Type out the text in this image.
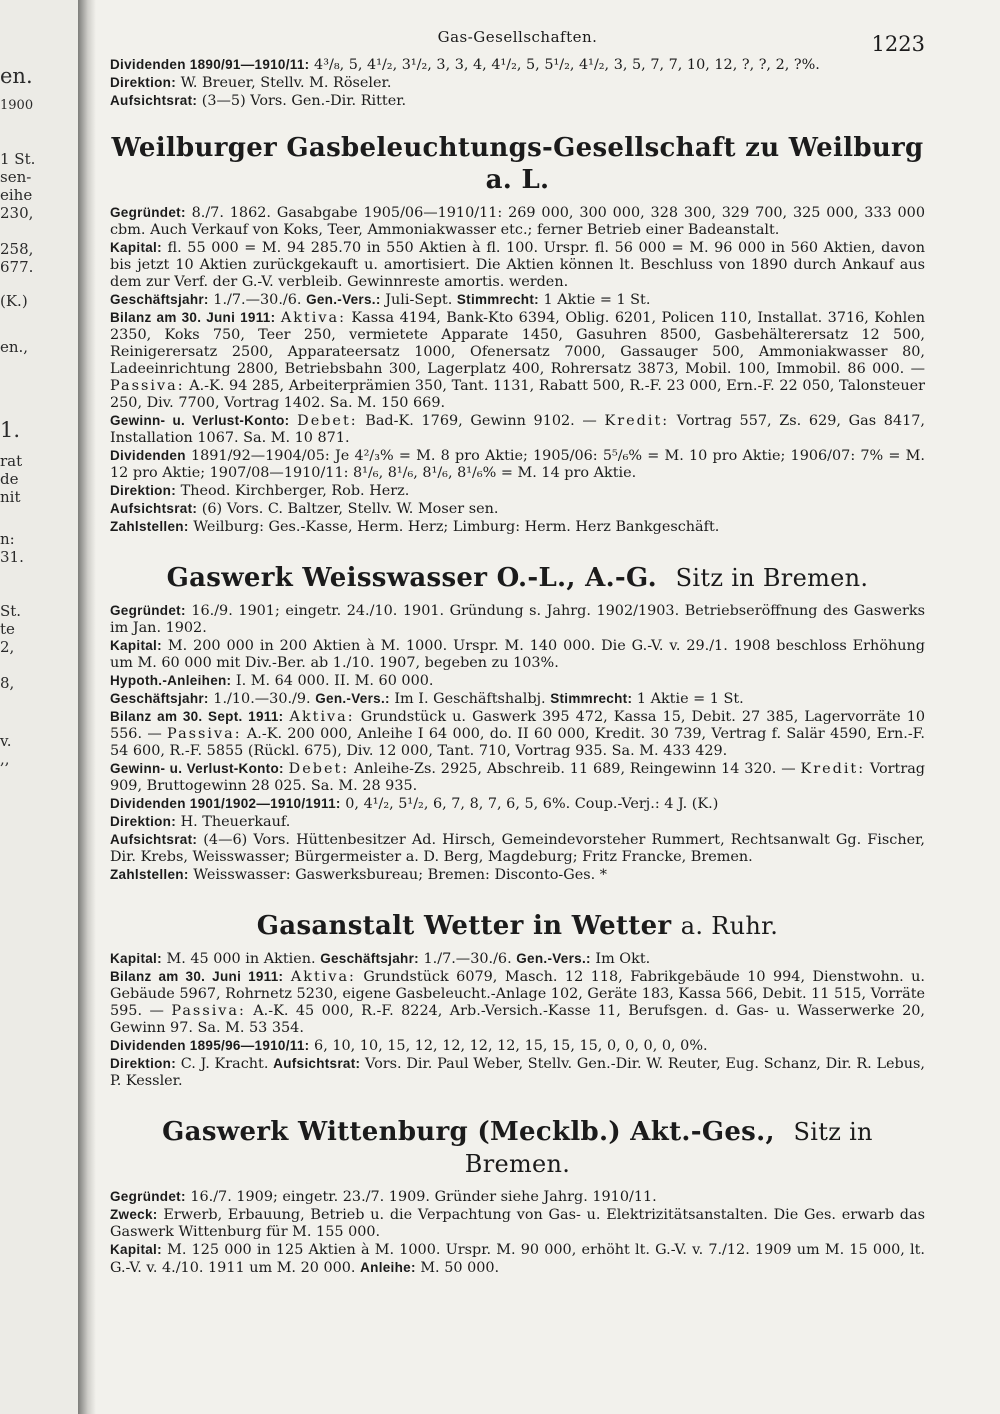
en.
1900
1 St.
sen-
eihe
230,
258,
677.
(K.)
en.,
1.
rat
de
nit
n:
31.
St.
te
2,
8,
v.
,,
Gas-Gesellschaften.	1223

Dividenden 1890/91—1910/11: 4³/₈, 5, 4¹/₂, 3¹/₂, 3, 3, 4, 4¹/₂, 5, 5¹/₂, 4¹/₂, 3, 5, 7, 7, 10, 12, ?, ?, 2, ?%.

Direktion: W. Breuer, Stellv. M. Röseler.

Aufsichtsrat: (3—5) Vors. Gen.-Dir. Ritter.

Weilburger Gasbeleuchtungs-Gesellschaft zu Weilburg a. L.

Gegründet: 8./7. 1862. Gasabgabe 1905/06—1910/11: 269 000, 300 000, 328 300, 329 700, 325 000, 333 000 cbm. Auch Verkauf von Koks, Teer, Ammoniakwasser etc.; ferner Betrieb einer Badeanstalt.

Kapital: fl. 55 000 = M. 94 285.70 in 550 Aktien à fl. 100. Urspr. fl. 56 000 = M. 96 000 in 560 Aktien, davon bis jetzt 10 Aktien zurückgekauft u. amortisiert. Die Aktien können lt. Beschluss von 1890 durch Ankauf aus dem zur Verf. der G.-V. verbleib. Gewinnreste amortis. werden.

Geschäftsjahr: 1./7.—30./6. Gen.-Vers.: Juli-Sept. Stimmrecht: 1 Aktie = 1 St.

Bilanz am 30. Juni 1911: Aktiva: Kassa 4194, Bank-Kto 6394, Oblig. 6201, Policen 110, Installat. 3716, Kohlen 2350, Koks 750, Teer 250, vermietete Apparate 1450, Gasuhren 8500, Gasbehälterersatz 12 500, Reinigerersatz 2500, Apparateersatz 1000, Ofenersatz 7000, Gassauger 500, Ammoniakwasser 80, Ladeeinrichtung 2800, Betriebsbahn 300, Lagerplatz 400, Rohrersatz 3873, Mobil. 100, Immobil. 86 000. — Passiva: A.-K. 94 285, Arbeiterprämien 350, Tant. 1131, Rabatt 500, R.-F. 23 000, Ern.-F. 22 050, Talonsteuer 250, Div. 7700, Vortrag 1402. Sa. M. 150 669.

Gewinn- u. Verlust-Konto: Debet: Bad-K. 1769, Gewinn 9102. — Kredit: Vortrag 557, Zs. 629, Gas 8417, Installation 1067. Sa. M. 10 871.

Dividenden 1891/92—1904/05: Je 4²/₃% = M. 8 pro Aktie; 1905/06: 5⁵/₆% = M. 10 pro Aktie; 1906/07: 7% = M. 12 pro Aktie; 1907/08—1910/11: 8¹/₆, 8¹/₆, 8¹/₆, 8¹/₆% = M. 14 pro Aktie.

Direktion: Theod. Kirchberger, Rob. Herz.

Aufsichtsrat: (6) Vors. C. Baltzer, Stellv. W. Moser sen.

Zahlstellen: Weilburg: Ges.-Kasse, Herm. Herz; Limburg: Herm. Herz Bankgeschäft.

Gaswerk Weisswasser O.-L., A.-G. Sitz in Bremen.

Gegründet: 16./9. 1901; eingetr. 24./10. 1901. Gründung s. Jahrg. 1902/1903. Betriebseröffnung des Gaswerks im Jan. 1902.

Kapital: M. 200 000 in 200 Aktien à M. 1000. Urspr. M. 140 000. Die G.-V. v. 29./1. 1908 beschloss Erhöhung um M. 60 000 mit Div.-Ber. ab 1./10. 1907, begeben zu 103%.

Hypoth.-Anleihen: I. M. 64 000. II. M. 60 000.

Geschäftsjahr: 1./10.—30./9. Gen.-Vers.: Im I. Geschäftshalbj. Stimmrecht: 1 Aktie = 1 St.

Bilanz am 30. Sept. 1911: Aktiva: Grundstück u. Gaswerk 395 472, Kassa 15, Debit. 27 385, Lagervorräte 10 556. — Passiva: A.-K. 200 000, Anleihe I 64 000, do. II 60 000, Kredit. 30 739, Vertrag f. Salär 4590, Ern.-F. 54 600, R.-F. 5855 (Rückl. 675), Div. 12 000, Tant. 710, Vortrag 935. Sa. M. 433 429.

Gewinn- u. Verlust-Konto: Debet: Anleihe-Zs. 2925, Abschreib. 11 689, Reingewinn 14 320. — Kredit: Vortrag 909, Bruttogewinn 28 025. Sa. M. 28 935.

Dividenden 1901/1902—1910/1911: 0, 4¹/₂, 5¹/₂, 6, 7, 8, 7, 6, 5, 6%. Coup.-Verj.: 4 J. (K.)

Direktion: H. Theuerkauf.

Aufsichtsrat: (4—6) Vors. Hüttenbesitzer Ad. Hirsch, Gemeindevorsteher Rummert, Rechtsanwalt Gg. Fischer, Dir. Krebs, Weisswasser; Bürgermeister a. D. Berg, Magdeburg; Fritz Francke, Bremen.

Zahlstellen: Weisswasser: Gaswerksbureau; Bremen: Disconto-Ges. *

Gasanstalt Wetter in Wetter a. Ruhr.

Kapital: M. 45 000 in Aktien. Geschäftsjahr: 1./7.—30./6. Gen.-Vers.: Im Okt.

Bilanz am 30. Juni 1911: Aktiva: Grundstück 6079, Masch. 12 118, Fabrikgebäude 10 994, Dienstwohn. u. Gebäude 5967, Rohrnetz 5230, eigene Gasbeleucht.-Anlage 102, Geräte 183, Kassa 566, Debit. 11 515, Vorräte 595. — Passiva: A.-K. 45 000, R.-F. 8224, Arb.-Versich.-Kasse 11, Berufsgen. d. Gas- u. Wasserwerke 20, Gewinn 97. Sa. M. 53 354.

Dividenden 1895/96—1910/11: 6, 10, 10, 15, 12, 12, 12, 12, 15, 15, 15, 0, 0, 0, 0, 0%.

Direktion: C. J. Kracht. Aufsichtsrat: Vors. Dir. Paul Weber, Stellv. Gen.-Dir. W. Reuter, Eug. Schanz, Dir. R. Lebus, P. Kessler.

Gaswerk Wittenburg (Mecklb.) Akt.-Ges., Sitz in Bremen.

Gegründet: 16./7. 1909; eingetr. 23./7. 1909. Gründer siehe Jahrg. 1910/11.

Zweck: Erwerb, Erbauung, Betrieb u. die Verpachtung von Gas- u. Elektrizitätsanstalten. Die Ges. erwarb das Gaswerk Wittenburg für M. 155 000.

Kapital: M. 125 000 in 125 Aktien à M. 1000. Urspr. M. 90 000, erhöht lt. G.-V. v. 7./12. 1909 um M. 15 000, lt. G.-V. v. 4./10. 1911 um M. 20 000. Anleihe: M. 50 000.
